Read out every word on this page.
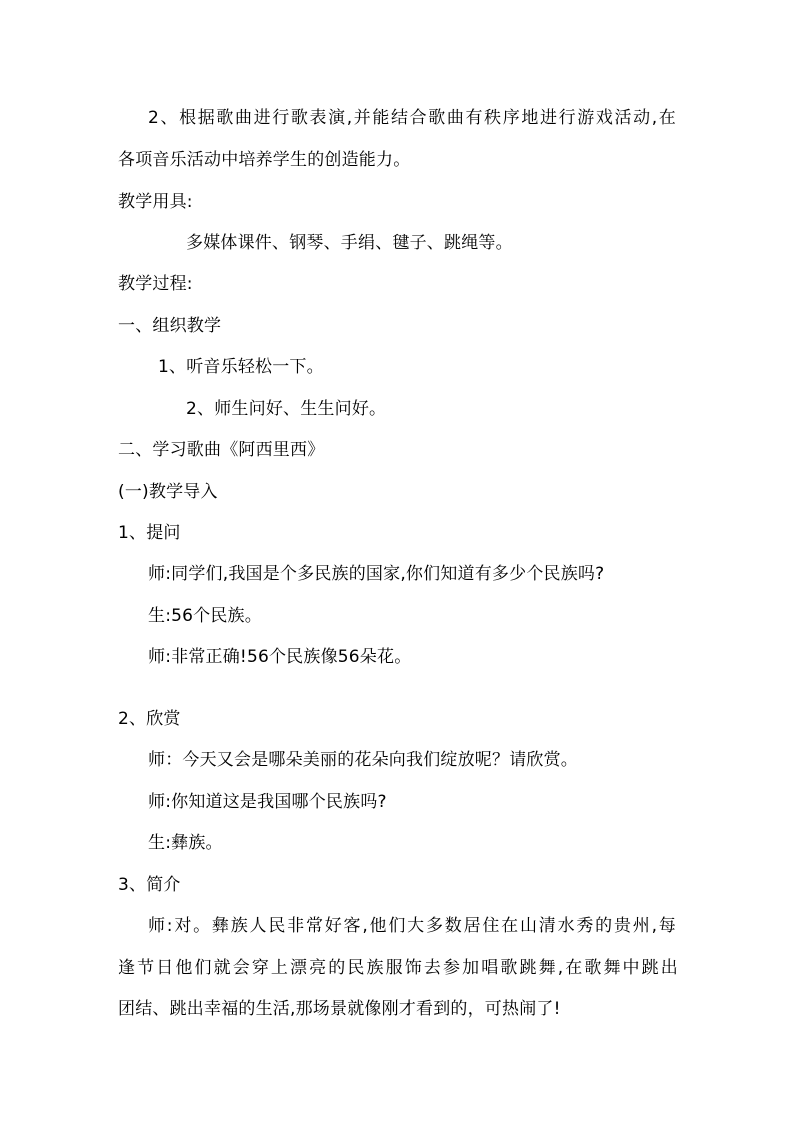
2、根据歌曲进行歌表演,并能结合歌曲有秩序地进行游戏活动,在
各项音乐活动中培养学生的创造能力。
教学用具:
多媒体课件、钢琴、手绢、毽子、跳绳等。
教学过程:
一、组织教学
1、听音乐轻松一下。
2、师生问好、生生问好。
二、学习歌曲《阿西里西》
(一)教学导入
1、提问
师:同学们,我国是个多民族的国家,你们知道有多少个民族吗?
生:56个民族。
师:非常正确!56个民族像56朵花。
2、欣赏
师：今天又会是哪朵美丽的花朵向我们绽放呢？请欣赏。
师:你知道这是我国哪个民族吗?
生:彝族。
3、简介
师:对。彝族人民非常好客,他们大多数居住在山清水秀的贵州,每
逢节日他们就会穿上漂亮的民族服饰去参加唱歌跳舞,在歌舞中跳出
团结、跳出幸福的生活,那场景就像刚才看到的，可热闹了!
